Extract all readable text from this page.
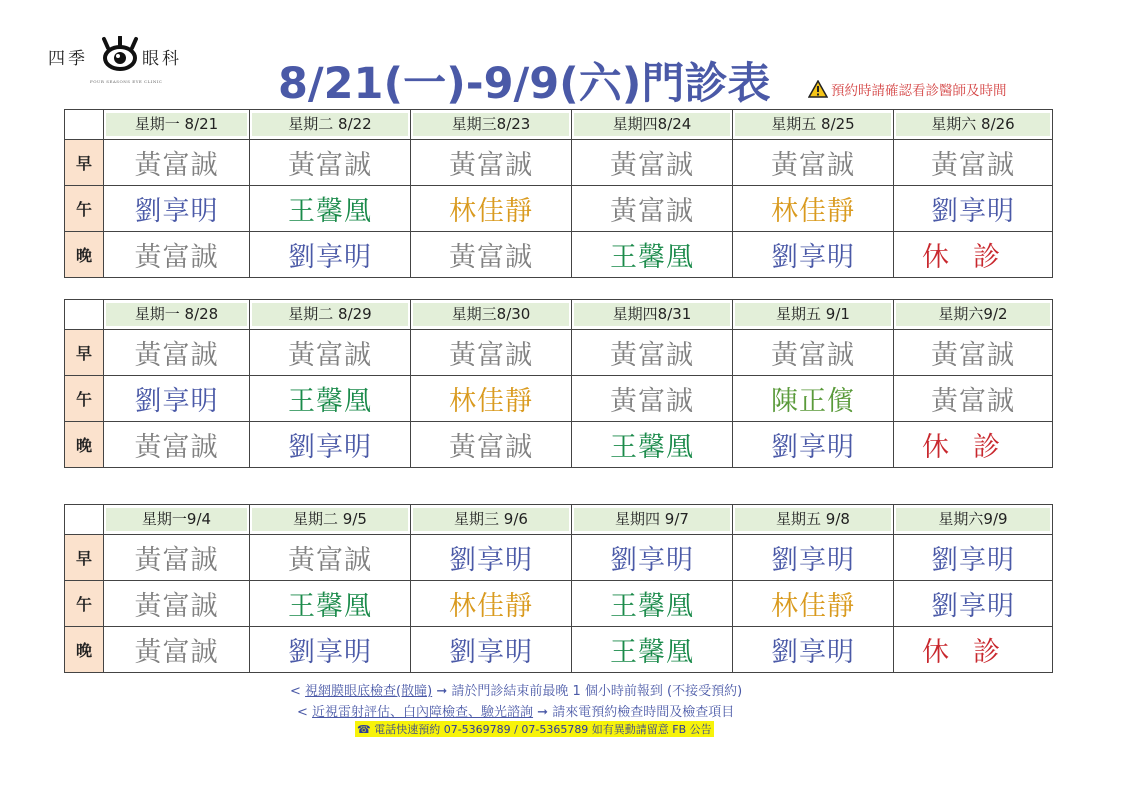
四季	眼科
FOUR SEASONS EYE CLINIC	8/21(一)-9/9(六)門診表	預約時請確認看診醫師及時間

	星期一 8/21	星期二 8/22	星期三8/23	星期四8/24	星期五 8/25	星期六 8/26

早	黃富誠	黃富誠	黃富誠	黃富誠	黃富誠	黃富誠
午	劉享明	王馨凰	林佳靜	黃富誠	林佳靜	劉享明
晚	黃富誠	劉享明	黃富誠	王馨凰	劉享明	休診

	星期一 8/28	星期二 8/29	星期三8/30	星期四8/31	星期五 9/1	星期六9/2

早	黃富誠	黃富誠	黃富誠	黃富誠	黃富誠	黃富誠
午	劉享明	王馨凰	林佳靜	黃富誠	陳正儐	黃富誠
晚	黃富誠	劉享明	黃富誠	王馨凰	劉享明	休診

	星期一9/4	星期二 9/5	星期三 9/6	星期四 9/7	星期五 9/8	星期六9/9

早	黃富誠	黃富誠	劉享明	劉享明	劉享明	劉享明
午	黃富誠	王馨凰	林佳靜	王馨凰	林佳靜	劉享明
晚	黃富誠	劉享明	劉享明	王馨凰	劉享明	休診
< 視網膜眼底檢查(散瞳) ➞ 請於門診結束前最晚 1 個小時前報到 (不接受預約)
< 近視雷射評估、白內障檢查、驗光諮詢 ➞ 請來電預約檢查時間及檢查項目
☎ 電話快速預約 07-5369789 / 07-5365789 如有異動請留意 FB 公告
